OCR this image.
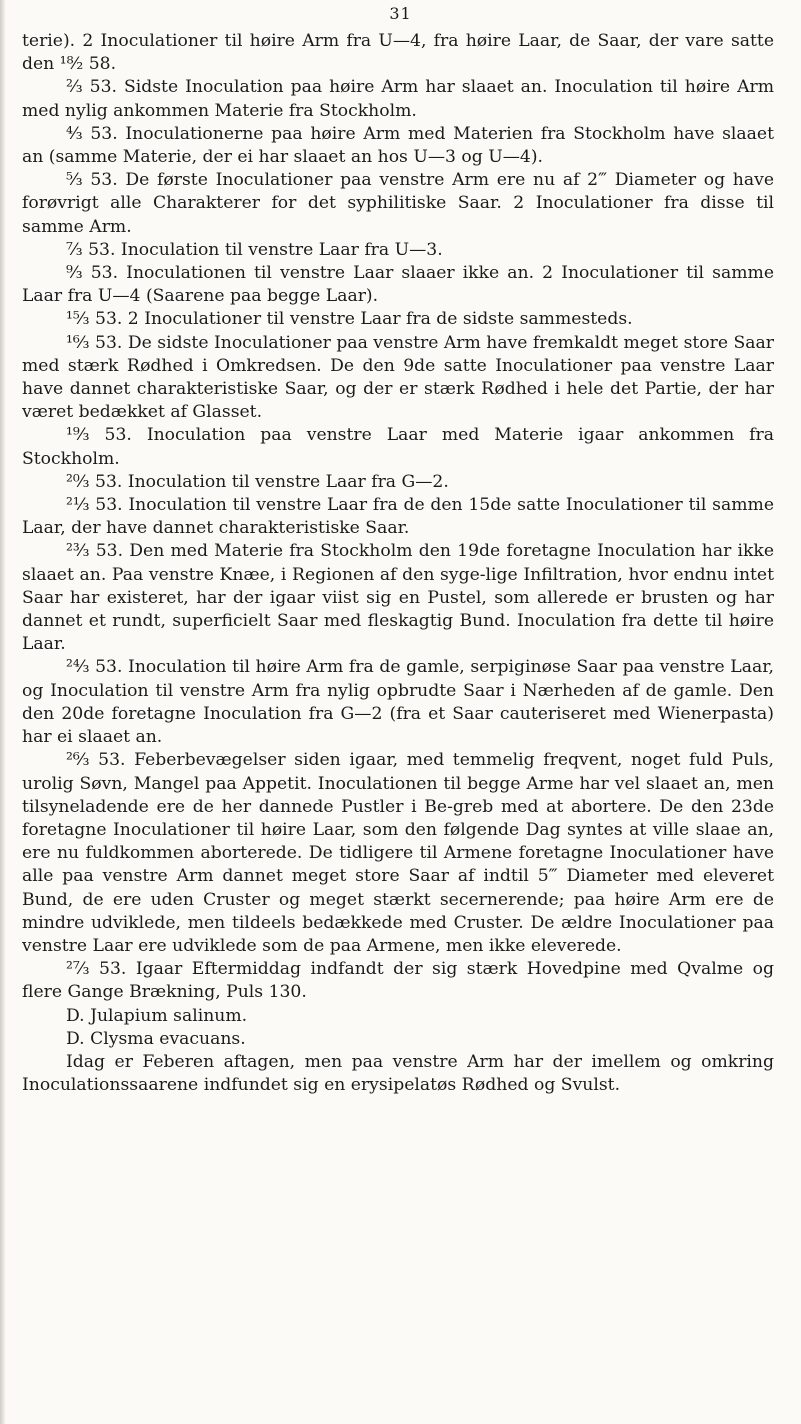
31

terie). 2 Inoculationer til høire Arm fra U—4, fra høire Laar, de Saar, der vare satte den ¹⁸⁄₂ 58.

²⁄₃ 53. Sidste Inoculation paa høire Arm har slaaet an. Inoculation til høire Arm med nylig ankommen Materie fra Stockholm.

⁴⁄₃ 53. Inoculationerne paa høire Arm med Materien fra Stockholm have slaaet an (samme Materie, der ei har slaaet an hos U—3 og U—4).

⁵⁄₃ 53. De første Inoculationer paa venstre Arm ere nu af 2‴ Diameter og have forøvrigt alle Charakterer for det syphilitiske Saar. 2 Inoculationer fra disse til samme Arm.

⁷⁄₃ 53. Inoculation til venstre Laar fra U—3.

⁹⁄₃ 53. Inoculationen til venstre Laar slaaer ikke an. 2 Inoculationer til samme Laar fra U—4 (Saarene paa begge Laar).

¹⁵⁄₃ 53. 2 Inoculationer til venstre Laar fra de sidste sammesteds.

¹⁶⁄₃ 53. De sidste Inoculationer paa venstre Arm have fremkaldt meget store Saar med stærk Rødhed i Omkredsen. De den 9de satte Inoculationer paa venstre Laar have dannet charakteristiske Saar, og der er stærk Rødhed i hele det Partie, der har været bedækket af Glasset.

¹⁹⁄₃ 53. Inoculation paa venstre Laar med Materie igaar ankommen fra Stockholm.

²⁰⁄₃ 53. Inoculation til venstre Laar fra G—2.

²¹⁄₃ 53. Inoculation til venstre Laar fra de den 15de satte Inoculationer til samme Laar, der have dannet charakteristiske Saar.

²³⁄₃ 53. Den med Materie fra Stockholm den 19de foretagne Inoculation har ikke slaaet an. Paa venstre Knæe, i Regionen af den syge-lige Infiltration, hvor endnu intet Saar har existeret, har der igaar viist sig en Pustel, som allerede er brusten og har dannet et rundt, superficielt Saar med fleskagtig Bund. Inoculation fra dette til høire Laar.

²⁴⁄₃ 53. Inoculation til høire Arm fra de gamle, serpiginøse Saar paa venstre Laar, og Inoculation til venstre Arm fra nylig opbrudte Saar i Nærheden af de gamle. Den den 20de foretagne Inoculation fra G—2 (fra et Saar cauteriseret med Wienerpasta) har ei slaaet an.

²⁶⁄₃ 53. Feberbevægelser siden igaar, med temmelig freqvent, noget fuld Puls, urolig Søvn, Mangel paa Appetit. Inoculationen til begge Arme har vel slaaet an, men tilsyneladende ere de her dannede Pustler i Be-greb med at abortere. De den 23de foretagne Inoculationer til høire Laar, som den følgende Dag syntes at ville slaae an, ere nu fuldkommen aborterede. De tidligere til Armene foretagne Inoculationer have alle paa venstre Arm dannet meget store Saar af indtil 5‴ Diameter med eleveret Bund, de ere uden Cruster og meget stærkt secernerende; paa høire Arm ere de mindre udviklede, men tildeels bedækkede med Cruster. De ældre Inoculationer paa venstre Laar ere udviklede som de paa Armene, men ikke eleverede.

²⁷⁄₃ 53. Igaar Eftermiddag indfandt der sig stærk Hovedpine med Qvalme og flere Gange Brækning, Puls 130.

D. Julapium salinum.

D. Clysma evacuans.

Idag er Feberen aftagen, men paa venstre Arm har der imellem og omkring Inoculationssaarene indfundet sig en erysipelatøs Rødhed og Svulst.
